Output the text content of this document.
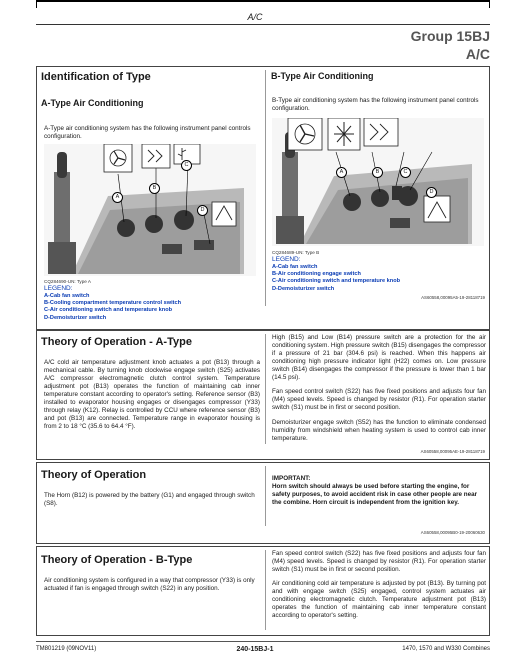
A/C
Group 15BJ
A/C
Identification of Type
A-Type Air Conditioning
A-Type air conditioning system has the following instrument panel controls configuration.
A
B
C
D
CQ284690-UN: Type A
LEGEND:
A-Cab fan switch
B-Cooling compartment temperature control switch
C-Air conditioning switch and temperature knob
D-Demoisturizer switch
B-Type Air Conditioning
B-Type air conditioning system has the following instrument panel controls configuration.
A	B	C
D
CQ284689-UN: Type B
LEGEND:
A-Cab fan switch
B-Air conditioning engage switch
C-Air conditioning switch and temperature knob
D-Demoisturizer switch
AS60558,00095A5-19-28118719
Theory of Operation - A-Type
A/C cold air temperature adjustment knob actuates a pot (B13) through a mechanical cable. By turning knob clockwise engage switch (S25) activates A/C compressor electromagnetic clutch control system. Temperature adjustment pot (B13) operates the function of maintaining cab inner temperature constant according to operator's setting. Reference sensor (B3) installed to evaporator housing engages or disengages compressor (Y33) through relay (K12). Relay is controlled by CCU where reference sensor (B3) and pot (B13) are connected. Temperature range in evaporator housing is from 2 to 18 °C (35.6 to 64.4 °F).
High (B15) and Low (B14) pressure switch are a protection for the air conditioning system. High pressure switch (B15) disengages the compressor if a pressure of 21 bar (304.6 psi) is reached. When this happens air conditioning high pressure indicator light (H22) comes on. Low pressure switch (B14) disengages the compressor if the pressure is lower than 1 bar (14.5 psi).
Fan speed control switch (S22) has five fixed positions and adjusts four fan (M4) speed levels. Speed is changed by resistor (R1). For operation starter switch (S1) must be in first or second position.
Demoisturizer engage switch (S52) has the function to eliminate condensed humidity from windshield when heating system is used to control cab inner temperature.
AS60558,00095AE-19-28118719
Theory of Operation
The Horn (B12) is powered by the battery (G1) and engaged through switch (S8).
IMPORTANT:
Horn switch should always be used before starting the engine, for safety purposes, to avoid accident risk in case other people are near the combine. Horn circuit is independent from the ignition key.
AS60558,00095B0-19-20060630
Theory of Operation - B-Type
Air conditioning system is configured in a way that compressor (Y33) is only actuated if fan is engaged through switch (S22) in any position.
Fan speed control switch (S22) has five fixed positions and adjusts four fan (M4) speed levels. Speed is changed by resistor (R1). For operation starter switch (S1) must be in first or second position.
Air conditioning cold air temperature is adjusted by pot (B13). By turning pot and with engage switch (S25) engaged, control system actuates air conditioning electromagnetic clutch. Temperature adjustment pot (B13) operates the function of maintaining cab inner temperature constant according to operator's setting.
TM801219 (09NOV11)	240-15BJ-1	1470, 1570 and W330 Combines
